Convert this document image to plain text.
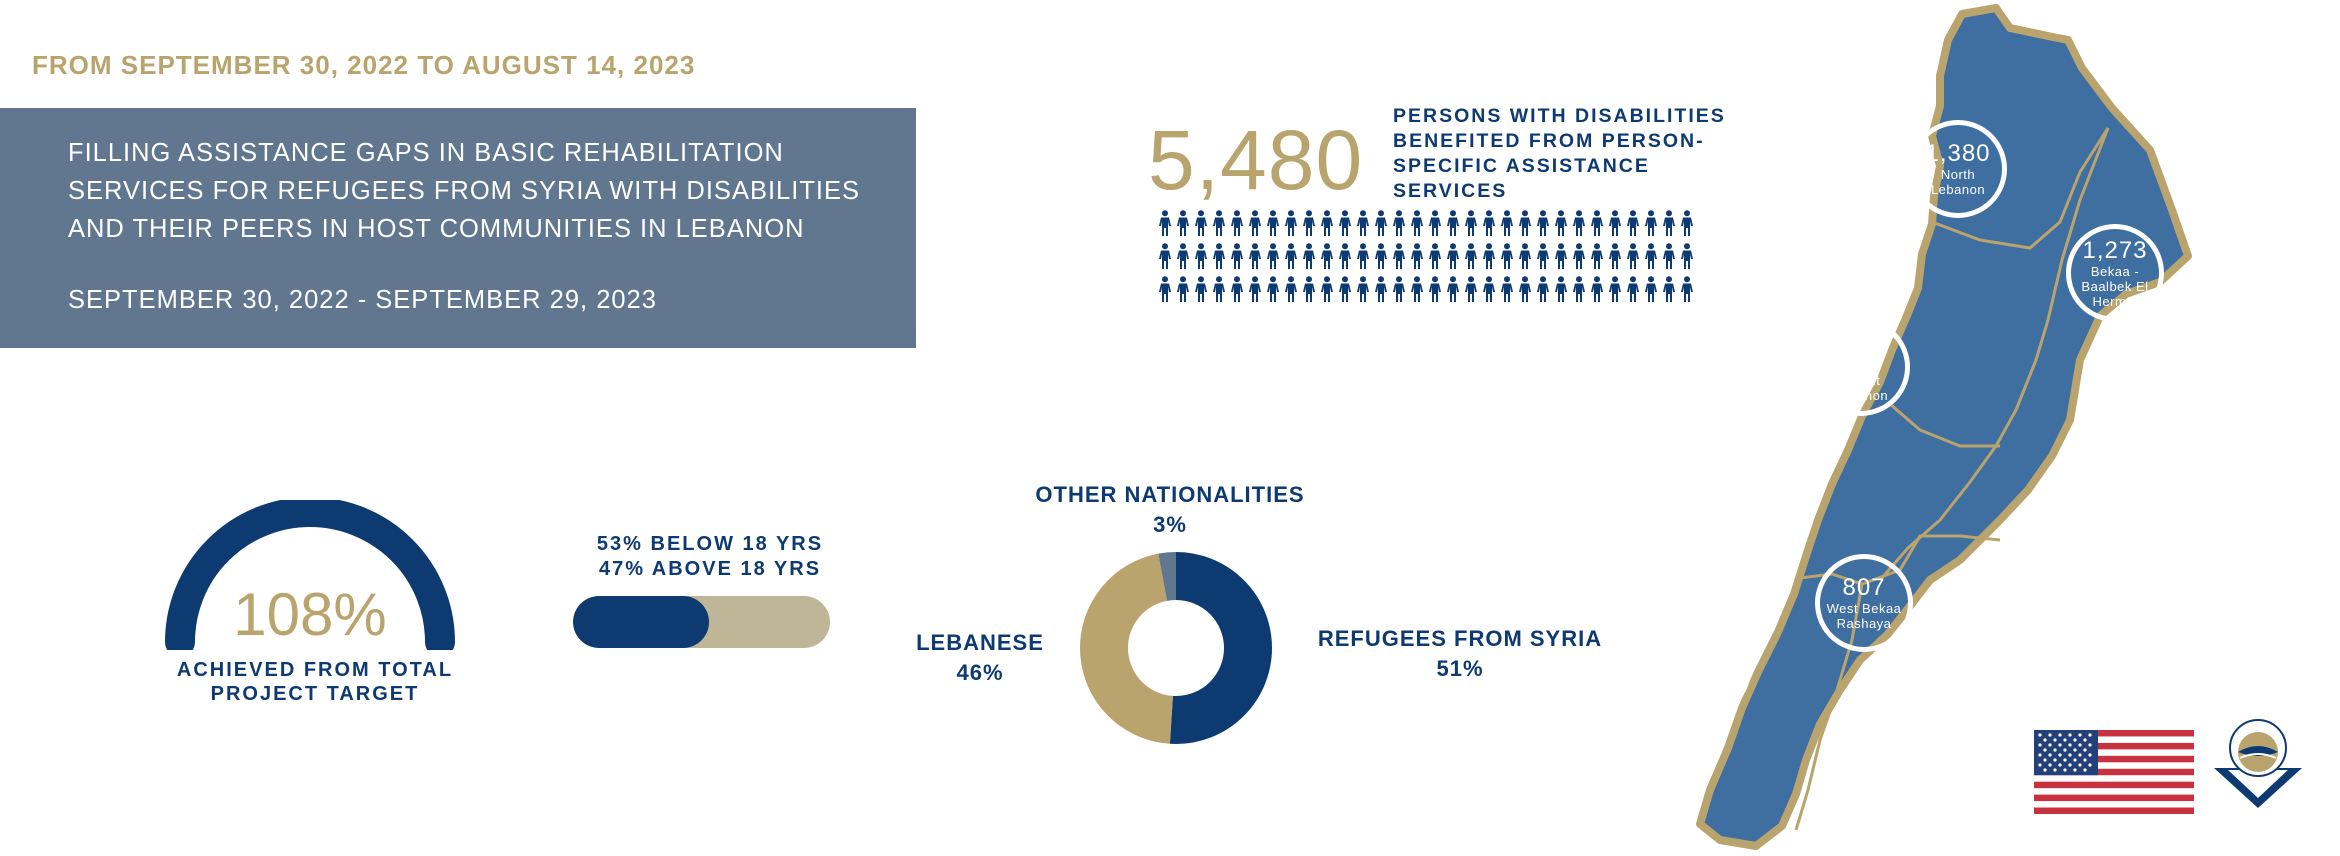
FROM SEPTEMBER 30, 2022 TO AUGUST 14, 2023
FILLING ASSISTANCE GAPS IN BASIC REHABILITATION SERVICES FOR REFUGEES FROM SYRIA WITH DISABILITIES AND THEIR PEERS IN HOST COMMUNITIES IN LEBANON
SEPTEMBER 30, 2022 - SEPTEMBER 29, 2023
5,480 PERSONS WITH DISABILITIES BENEFITED FROM PERSON-SPECIFIC ASSISTANCE SERVICES
108%
ACHIEVED FROM TOTAL PROJECT TARGET
53% BELOW 18 YRS
47% ABOVE 18 YRS
OTHER NATIONALITIES
3%
LEBANESE
46%
REFUGEES FROM SYRIA
51%
1,380
North Lebanon
1,273
Bekaa - Baalbek El Hermel
687
Beirut Mount Lebanon
807
West Bekaa Rashaya
1,333
South Lebanon
